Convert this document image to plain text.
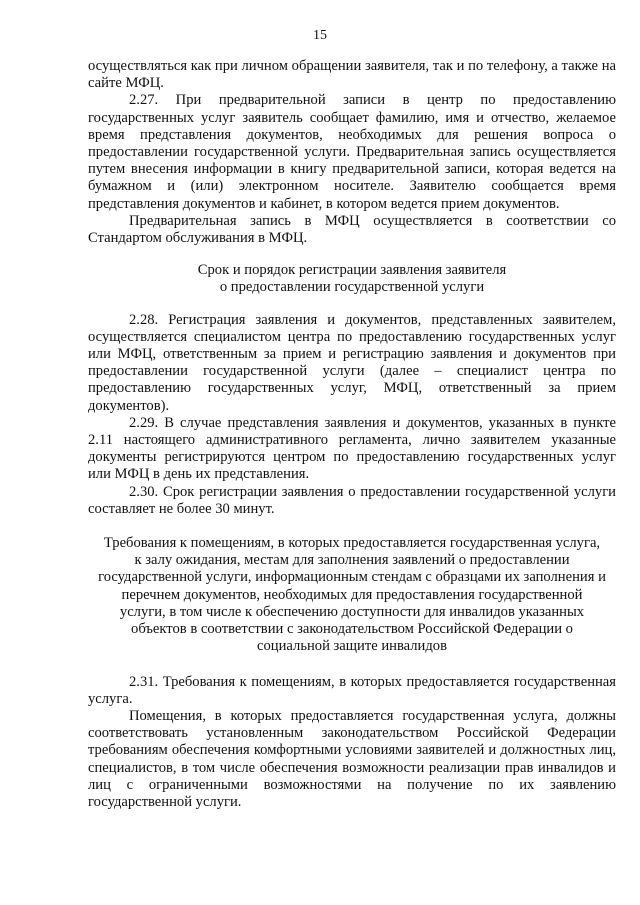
15

осуществляться как при личном обращении заявителя, так и по телефону, а также на сайте МФЦ.

2.27. При предварительной записи в центр по предоставлению государственных услуг заявитель сообщает фамилию, имя и отчество, желаемое время представления документов, необходимых для решения вопроса о предоставлении государственной услуги. Предварительная запись осуществляется путем внесения информации в книгу предварительной записи, которая ведется на бумажном и (или) электронном носителе. Заявителю сообщается время представления документов и кабинет, в котором ведется прием документов.

Предварительная запись в МФЦ осуществляется в соответствии со Стандартом обслуживания в МФЦ.

Срок и порядок регистрации заявления заявителя
о предоставлении государственной услуги

2.28. Регистрация заявления и документов, представленных заявителем, осуществляется специалистом центра по предоставлению государственных услуг или МФЦ, ответственным за прием и регистрацию заявления и документов при предоставлении государственной услуги (далее – специалист центра по предоставлению государственных услуг, МФЦ, ответственный за прием документов).

2.29. В случае представления заявления и документов, указанных в пункте 2.11 настоящего административного регламента, лично заявителем указанные документы регистрируются центром по предоставлению государственных услуг или МФЦ в день их представления.

2.30. Срок регистрации заявления о предоставлении государственной услуги составляет не более 30 минут.

Требования к помещениям, в которых предоставляется государственная услуга,
к залу ожидания, местам для заполнения заявлений о предоставлении
государственной услуги, информационным стендам с образцами их заполнения и
перечнем документов, необходимых для предоставления государственной
услуги, в том числе к обеспечению доступности для инвалидов указанных
объектов в соответствии с законодательством Российской Федерации о
социальной защите инвалидов

2.31. Требования к помещениям, в которых предоставляется государственная услуга.

Помещения, в которых предоставляется государственная услуга, должны соответствовать установленным законодательством Российской Федерации требованиям обеспечения комфортными условиями заявителей и должностных лиц, специалистов, в том числе обеспечения возможности реализации прав инвалидов и лиц с ограниченными возможностями на получение по их заявлению государственной услуги.
